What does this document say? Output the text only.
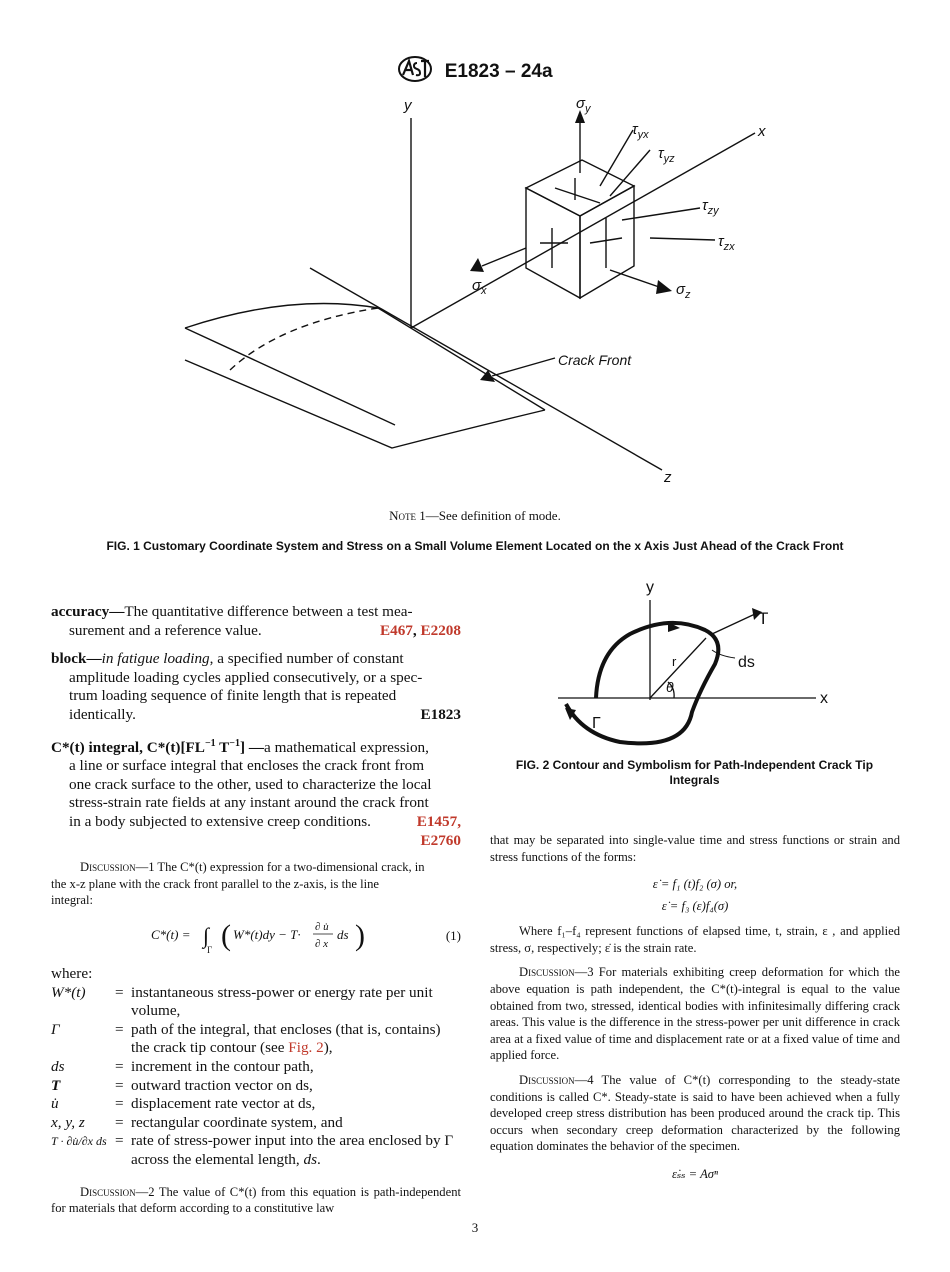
E1823 – 24a
y
x
z
$\sigma_y$
$\tau_{yx}$
$\tau_{yz}$
$\tau_{zy}$
$\tau_{zx}$
$\sigma_x$	$\sigma_z$
Crack Front
Note 1—See definition of mode.
FIG. 1 Customary Coordinate System and Stress on a Small Volume Element Located on the x Axis Just Ahead of the Crack Front
y
T
ds
r
θ
x
Γ
FIG. 2 Contour and Symbolism for Path-Independent Crack Tip
Integrals
accuracy—The quantitative difference between a test mea-
surement and a reference value.	E467, E2208
block—in fatigue loading, a specified number of constant
amplitude loading cycles applied consecutively, or a spec-
trum loading sequence of finite length that is repeated
identically.	E1823
C*(t) integral, $C*(t)[FL^{-1}$ $T^{-1}$] —a mathematical expression,
a line or surface integral that encloses the crack front from
one crack surface to the other, used to characterize the local
stress-strain rate fields at any instant around the crack front
in a body subjected to extensive creep conditions.	E1457,
E2760
Discussion—1 The C*(t) expression for a two-dimensional crack, in
the x-z plane with the crack front parallel to the z-axis, is the line
integral:
C*(t) = ∫
Γ ( W*(t)dy − T· ∂ u̇
∂ x
ds )	(1)
where:
W*(t)	=	instantaneous stress-power or energy rate per unit volume,
Γ	=	path of the integral, that encloses (that is, contains) the crack tip contour (see Fig. 2),
ds	=	increment in the contour path,
T	=	outward traction vector on ds,
u̇	=	displacement rate vector at ds,
x, y, z	=	rectangular coordinate system, and
T · ∂u̇/∂x ds	=	rate of stress-power input into the area enclosed by Γ across the elemental length, ds.
Discussion—2 The value of C*(t) from this equation is path-independent for materials that deform according to a constitutive law
that may be separated into single-value time and stress functions or strain and stress functions of the forms:
ε̇ = f₁ (t)f₂ (σ) or,
ε̇ = f₃ (ε)f₄(σ)
Where f₁–f₄ represent functions of elapsed time, t, strain, ε , and applied stress, σ, respectively; ε̇ is the strain rate.
Discussion—3 For materials exhibiting creep deformation for which the above equation is path independent, the C*(t)-integral is equal to the value obtained from two, stressed, identical bodies with infinitesimally differing crack areas. This value is the difference in the stress-power per unit difference in crack area at a fixed value of time and displacement rate or at a fixed value of time and applied force.
Discussion—4 The value of C*(t) corresponding to the steady-state conditions is called C*. Steady-state is said to have been achieved when a fully developed creep stress distribution has been produced around the crack tip. This occurs when secondary creep deformation characterized by the following equation dominates the behavior of the specimen.
ε̇ₛₛ = Aσⁿ
3
